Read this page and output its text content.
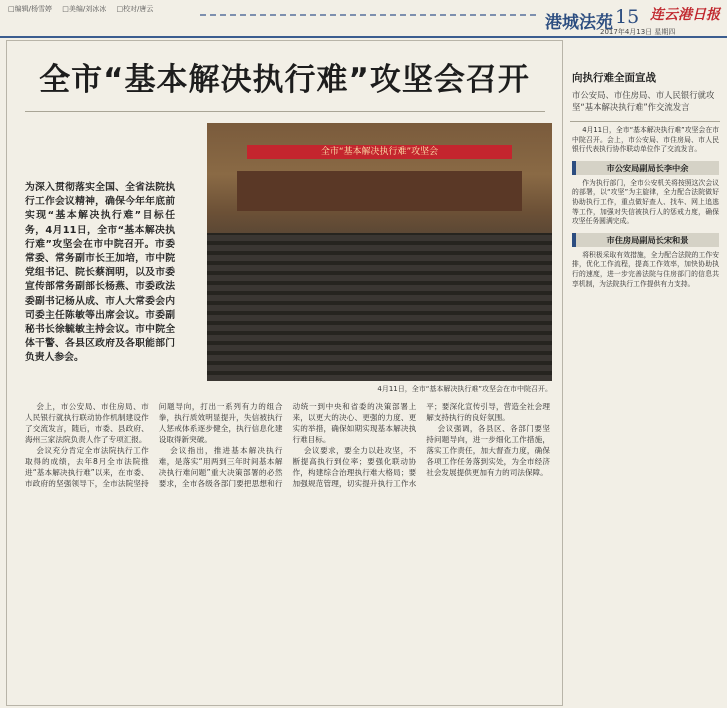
□编辑/杨雪婷 □美编/刘冰冰 □校对/唐云
港城法苑 15 连云港日报
2017年4月13日 星期四
全市“基本解决执行难”攻坚会召开
为深入贯彻落实全国、全省法院执行工作会议精神，确保今年年底前实现“基本解决执行难”目标任务，4月11日，全市“基本解决执行难”攻坚会在市中院召开。市委常委、常务副市长王加培，市中院党组书记、院长蔡润明，以及市委宣传部常务副部长杨燕、市委政法委副书记杨从成、市人大常委会内司委主任陈敏等出席会议。市委副秘书长徐毓敏主持会议。市中院全体干警、各县区政府及各职能部门负责人参会。
全市“基本解决执行难”攻坚会
4月11日，全市“基本解决执行难”攻坚会在市中院召开。

会上，市公安局、市住房局、市人民银行就执行联动协作机制建设作了交流发言，随后，市委、县政府、海州三家法院负责人作了专项汇报。

会议充分肯定全市法院执行工作取得的成绩，去年8月全市法院推进“基本解决执行难”以来，在市委、市政府的坚强领导下，全市法院坚持问题导向，打出一系列有力的组合拳，执行质效明显提升，失信被执行人惩戒体系逐步健全，执行信息化建设取得新突破。

会议指出，推进基本解决执行难，是落实“用两到三年时间基本解决执行难问题”重大决策部署的必然要求，全市各级各部门要把思想和行动统一到中央和省委的决策部署上来，以更大的决心、更强的力度、更实的举措，确保如期实现基本解决执行难目标。

会议要求，要全力以赴攻坚，不断提高执行到位率；要强化联动协作，构建综合治理执行难大格局；要加强规范管理，切实提升执行工作水平；要深化宣传引导，营造全社会理解支持执行的良好氛围。

会议强调，各县区、各部门要坚持问题导向，进一步细化工作措施，落实工作责任，加大督查力度，确保各项工作任务落到实处，为全市经济社会发展提供更加有力的司法保障。

向执行难全面宣战
市公安局、市住房局、市人民银行就攻坚“基本解决执行难”作交流发言

4月11日，全市“基本解决执行难”攻坚会在市中院召开。会上，市公安局、市住房局、市人民银行代表执行协作联动单位作了交流发言。

市公安局副局长李中余

作为执行部门，全市公安机关将按照这次会议的部署，以“攻坚”为主旋律，全力配合法院做好协助执行工作，重点做好查人、找车、网上追逃等工作，加强对失信被执行人的惩戒力度，确保攻坚任务圆满完成。

市住房局副局长宋和景

将积极采取有效措施，全力配合法院的工作安排，优化工作流程，提高工作效率，加快协助执行的速度，进一步完善法院与住房部门的信息共享机制，为法院执行工作提供有力支持。
